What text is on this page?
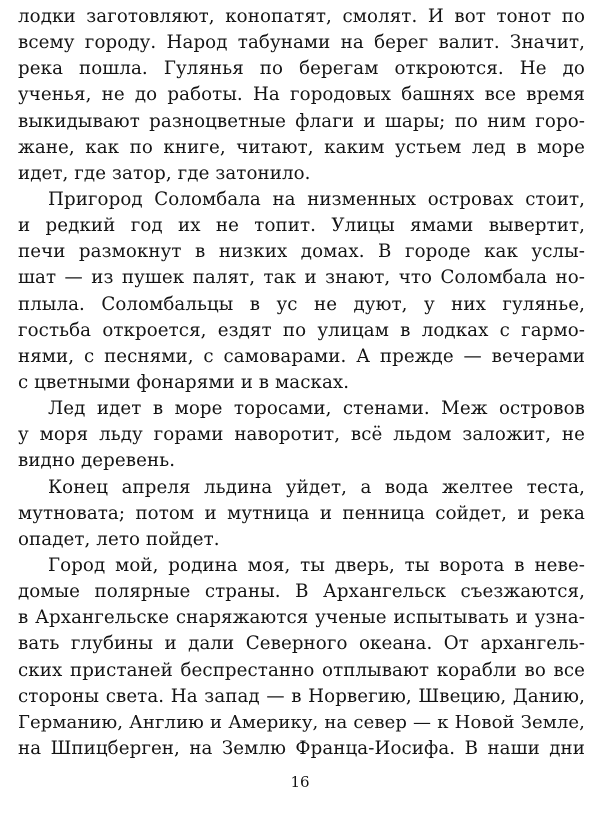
лодки заготовляют, конопатят, смолят. И вот тонот по
всему городу. Народ табунами на берег валит. Значит,
река пошла. Гулянья по берегам откроются. Не до
ученья, не до работы. На городовых башнях все время
выкидывают разноцветные флаги и шары; по ним горо-
жане, как по книге, читают, каким устьем лед в море
идет, где затор, где затонило.
Пригород Соломбала на низменных островах стоит,
и редкий год их не топит. Улицы ямами вывертит,
печи размокнут в низких домах. В городе как услы-
шат — из пушек палят, так и знают, что Соломбала но-
плыла. Соломбальцы в ус не дуют, у них гулянье,
гостьба откроется, ездят по улицам в лодках с гармо-
нями, с песнями, с самоварами. А прежде — вечерами
с цветными фонарями и в масках.
Лед идет в море торосами, стенами. Меж островов
у моря льду горами наворотит, всё льдом заложит, не
видно деревень.
Конец апреля льдина уйдет, а вода желтее теста,
мутновата; потом и мутница и пенница сойдет, и река
опадет, лето пойдет.
Город мой, родина моя, ты дверь, ты ворота в неве-
домые полярные страны. В Архангельск съезжаются,
в Архангельске снаряжаются ученые испытывать и узна-
вать глубины и дали Северного океана. От архангель-
ских пристаней беспрестанно отплывают корабли во все
стороны света. На запад — в Норвегию, Швецию, Данию,
Германию, Англию и Америку, на север — к Новой Земле,
на Шпицберген, на Землю Франца-Иосифа. В наши дни
16
